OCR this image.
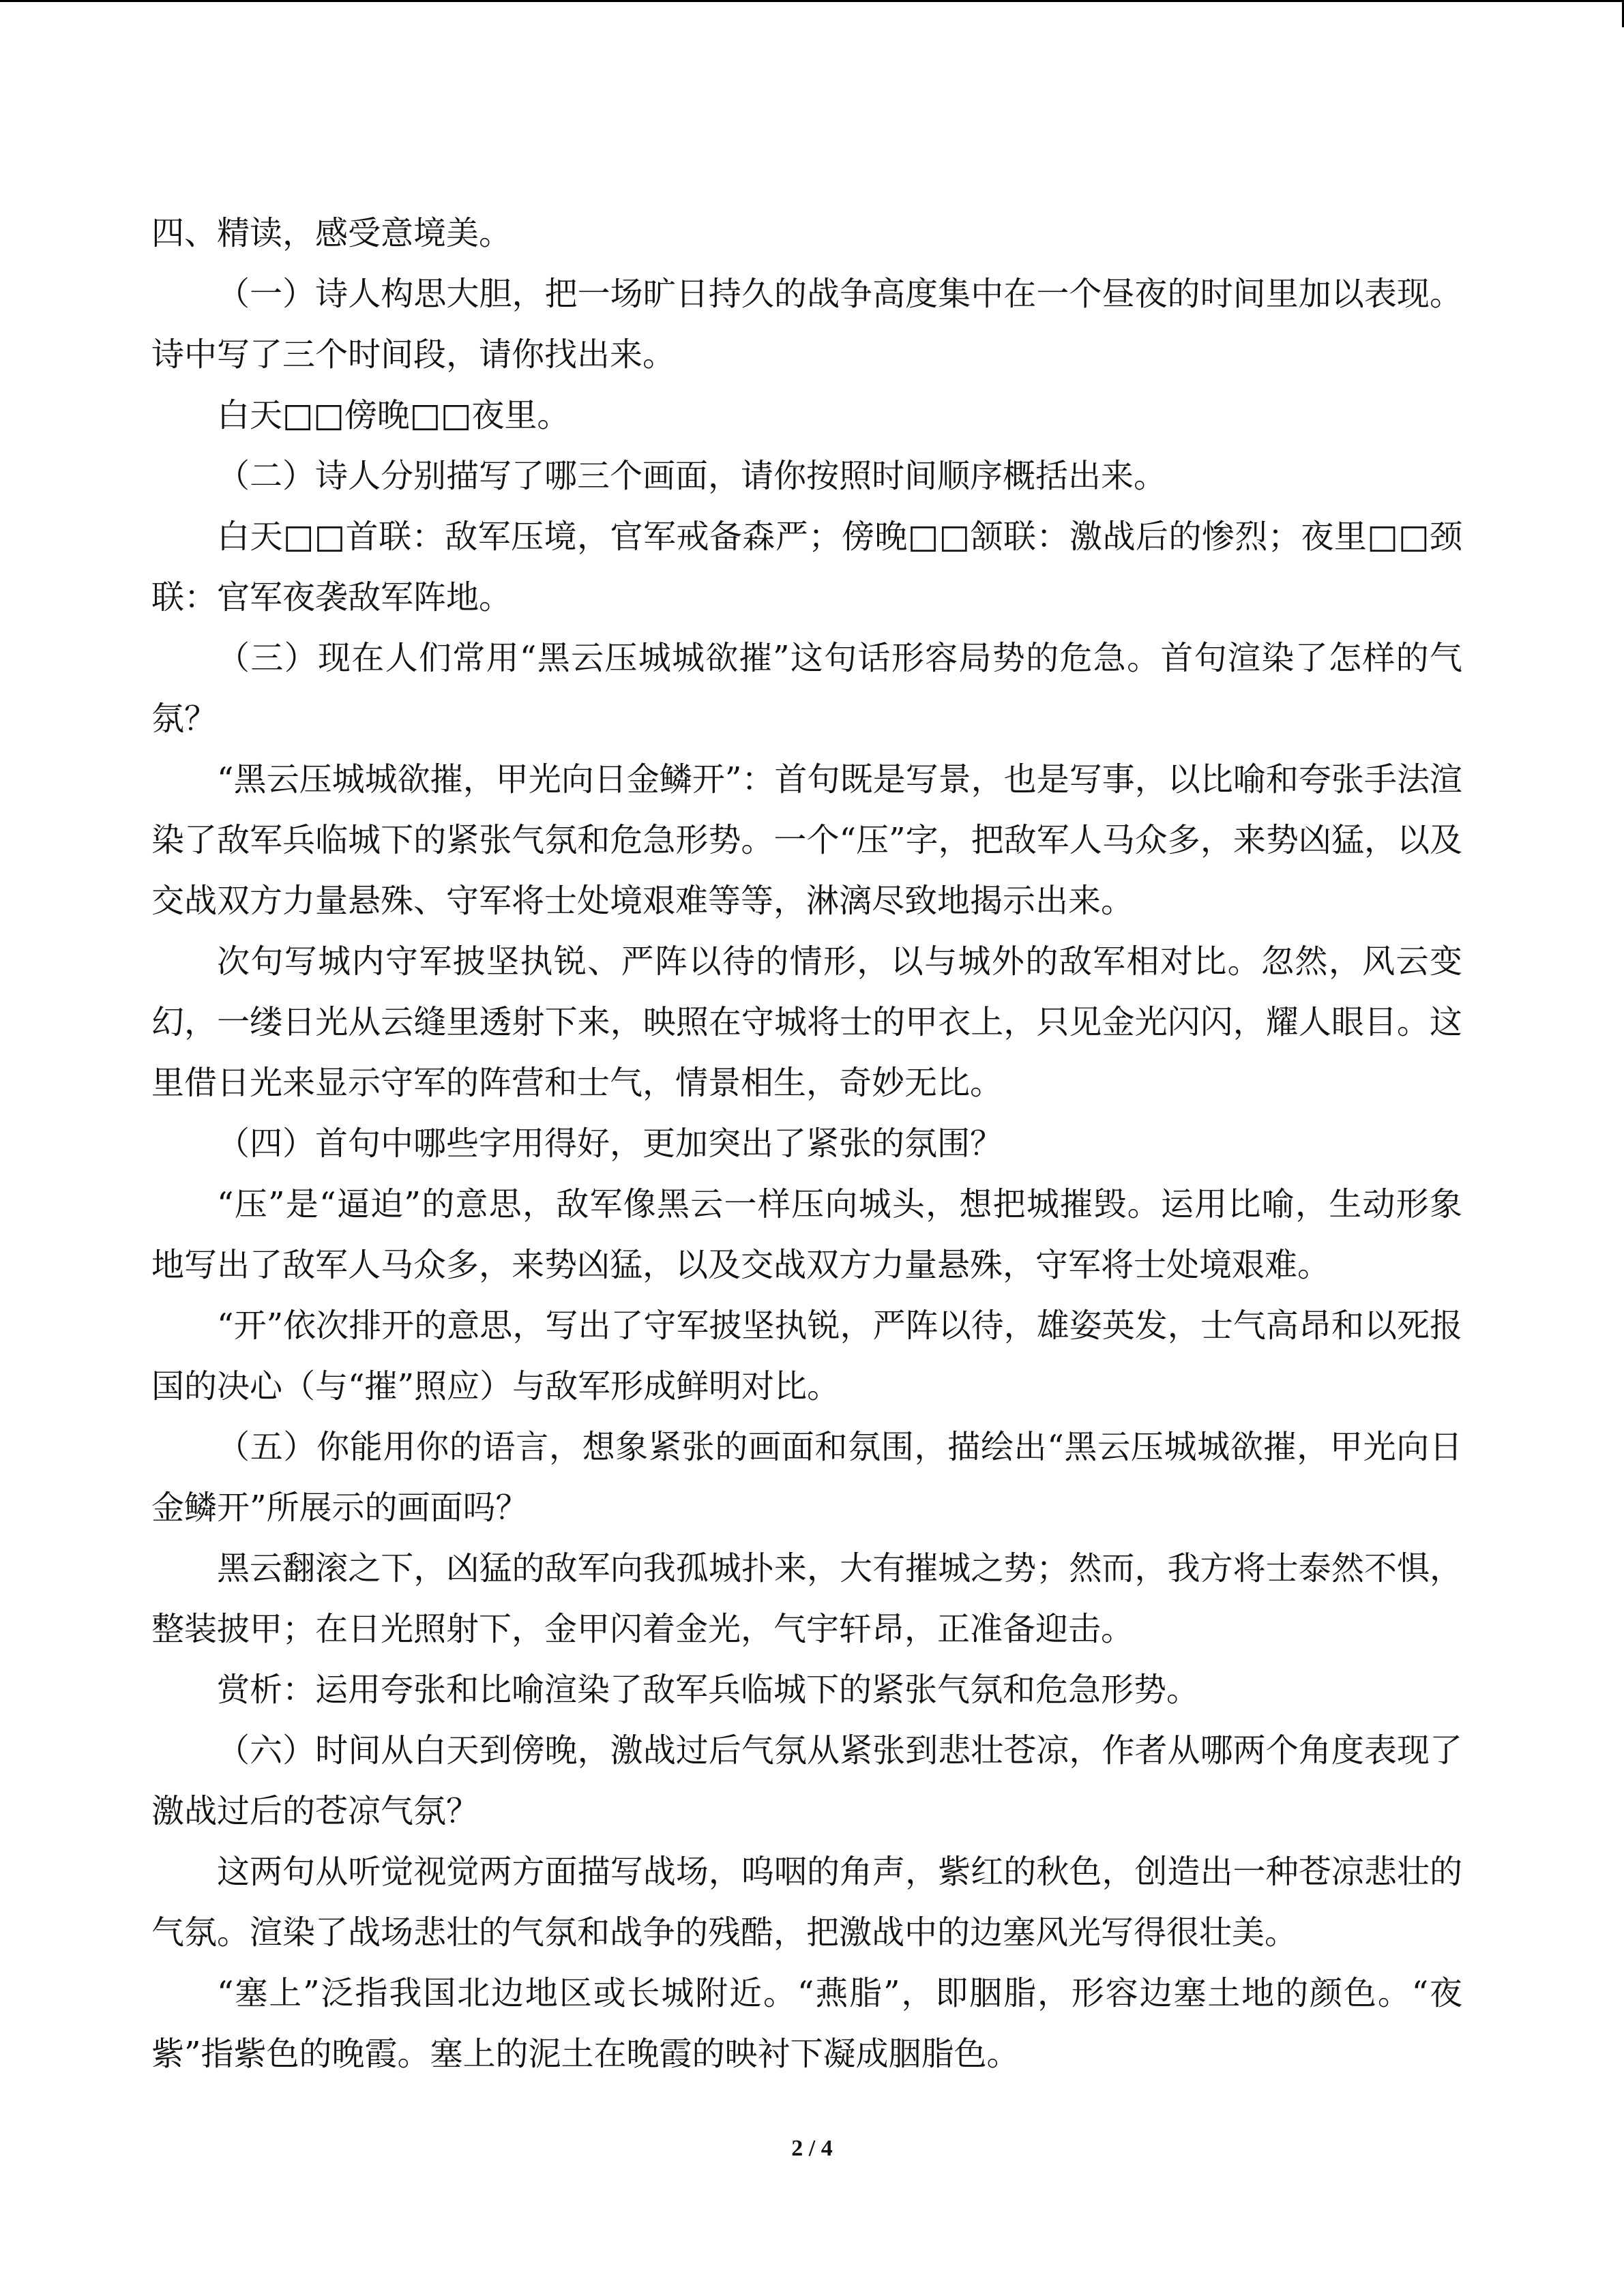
四、精读，感受意境美。

（一）诗人构思大胆，把一场旷日持久的战争高度集中在一个昼夜的时间里加以表现。诗中写了三个时间段，请你找出来。

白天□□傍晚□□夜里。

（二）诗人分别描写了哪三个画面，请你按照时间顺序概括出来。

白天□□首联：敌军压境，官军戒备森严；傍晚□□颔联：激战后的惨烈；夜里□□颈联：官军夜袭敌军阵地。

（三）现在人们常用“黑云压城城欲摧”这句话形容局势的危急。首句渲染了怎样的气氛？

“黑云压城城欲摧，甲光向日金鳞开”：首句既是写景，也是写事，以比喻和夸张手法渲染了敌军兵临城下的紧张气氛和危急形势。一个“压”字，把敌军人马众多，来势凶猛，以及交战双方力量悬殊、守军将士处境艰难等等，淋漓尽致地揭示出来。

次句写城内守军披坚执锐、严阵以待的情形，以与城外的敌军相对比。忽然，风云变幻，一缕日光从云缝里透射下来，映照在守城将士的甲衣上，只见金光闪闪，耀人眼目。这里借日光来显示守军的阵营和士气，情景相生，奇妙无比。

（四）首句中哪些字用得好，更加突出了紧张的氛围？

“压”是“逼迫”的意思，敌军像黑云一样压向城头，想把城摧毁。运用比喻，生动形象地写出了敌军人马众多，来势凶猛，以及交战双方力量悬殊，守军将士处境艰难。

“开”依次排开的意思，写出了守军披坚执锐，严阵以待，雄姿英发，士气高昂和以死报国的决心（与“摧”照应）与敌军形成鲜明对比。

（五）你能用你的语言，想象紧张的画面和氛围，描绘出“黑云压城城欲摧，甲光向日金鳞开”所展示的画面吗？

黑云翻滚之下，凶猛的敌军向我孤城扑来，大有摧城之势；然而，我方将士泰然不惧，整装披甲；在日光照射下，金甲闪着金光，气宇轩昂，正准备迎击。

赏析：运用夸张和比喻渲染了敌军兵临城下的紧张气氛和危急形势。

（六）时间从白天到傍晚，激战过后气氛从紧张到悲壮苍凉，作者从哪两个角度表现了激战过后的苍凉气氛？

这两句从听觉视觉两方面描写战场，呜咽的角声，紫红的秋色，创造出一种苍凉悲壮的气氛。渲染了战场悲壮的气氛和战争的残酷，把激战中的边塞风光写得很壮美。

“塞上”泛指我国北边地区或长城附近。“燕脂”，即胭脂，形容边塞土地的颜色。“夜紫”指紫色的晚霞。塞上的泥土在晚霞的映衬下凝成胭脂色。

2 / 4
